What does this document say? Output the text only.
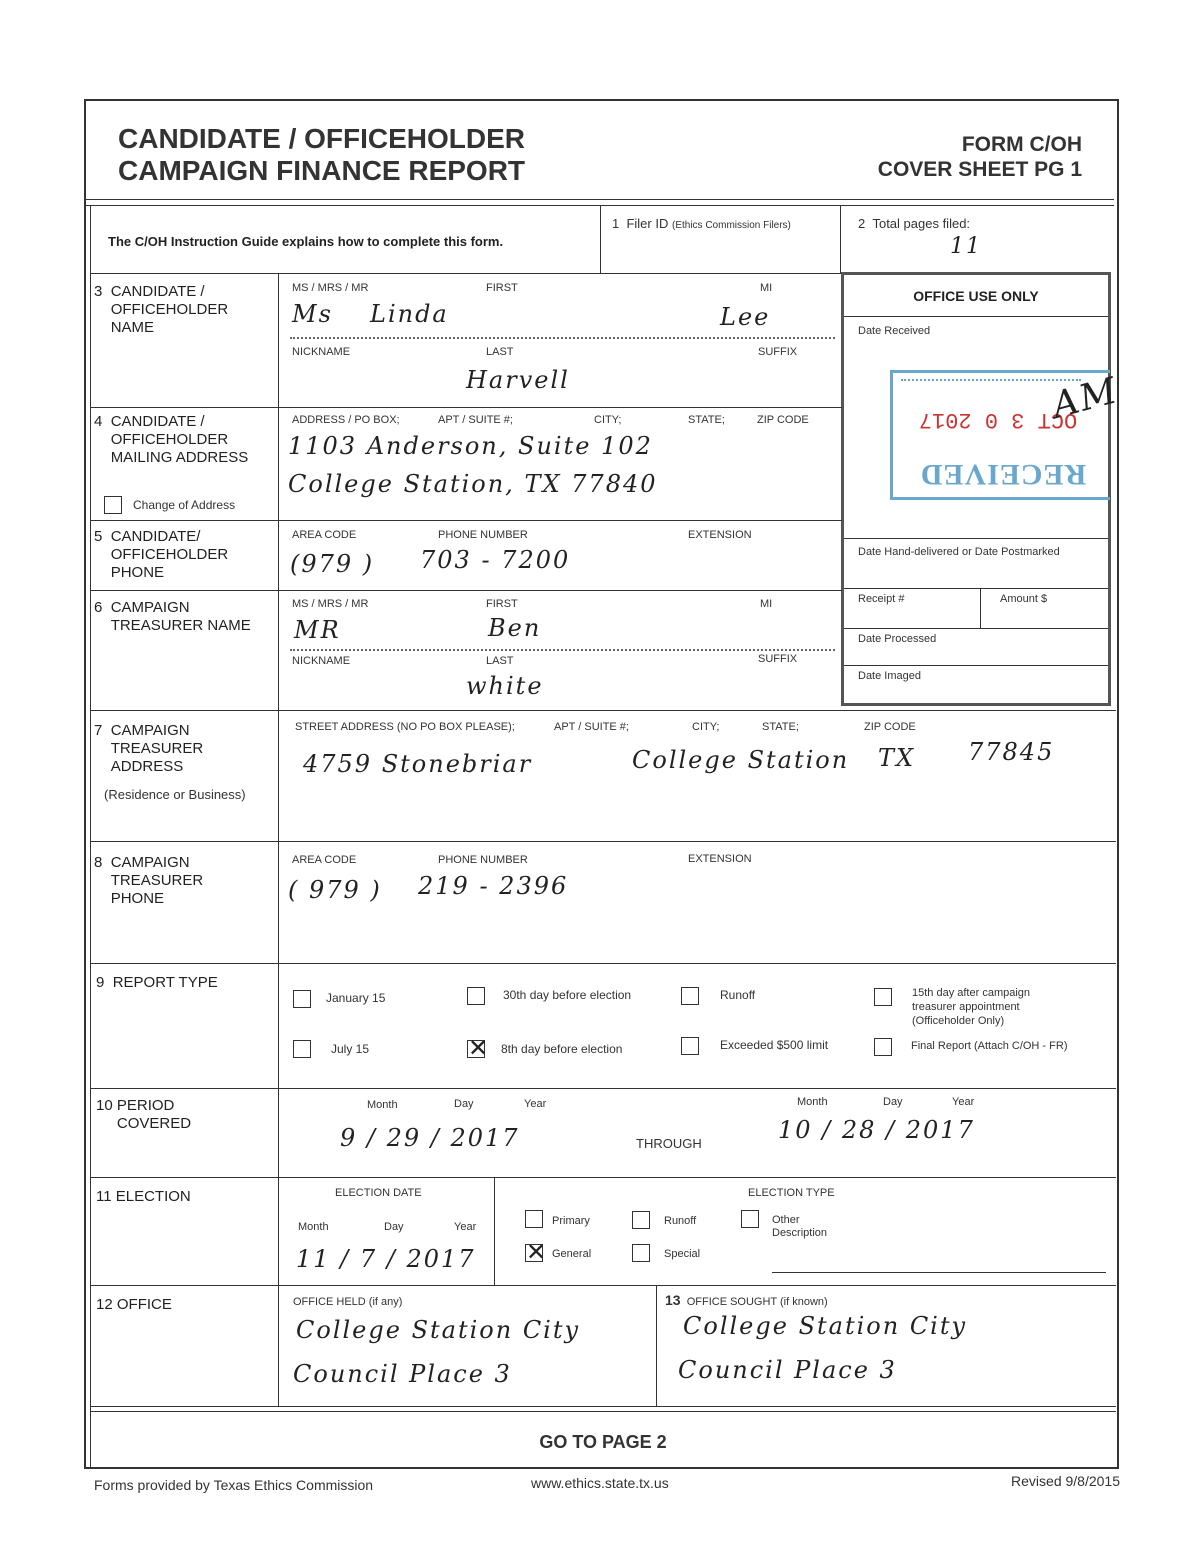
CANDIDATE / OFFICEHOLDER
CAMPAIGN FINANCE REPORT
FORM C/OH
COVER SHEET PG 1
The C/OH Instruction Guide explains how to complete this form.
1 Filer ID (Ethics Commission Filers)	2 Total pages filed:
11
OFFICE USE ONLY
Date Received
OCT 3 0 2017
RECEIVED
AM
Date Hand-delivered or Date Postmarked
Receipt #	Amount $
Date Processed
Date Imaged
3 CANDIDATE / OFFICEHOLDER NAME
MS / MRS / MR	FIRST	MI
Ms Linda	Lee
NICKNAME	LAST	SUFFIX
Harvell
4 CANDIDATE / OFFICEHOLDER MAILING ADDRESS
Change of Address
ADDRESS / PO BOX;	APT / SUITE #;	CITY;	STATE;	ZIP CODE
1103 Anderson, Suite 102
College Station, TX 77840
5 CANDIDATE/ OFFICEHOLDER PHONE
AREA CODE	PHONE NUMBER	EXTENSION
(979 ) 703 - 7200
6 CAMPAIGN TREASURER NAME
MS / MRS / MR	FIRST	MI
MR	Ben
NICKNAME	LAST	SUFFIX
white
7 CAMPAIGN TREASURER ADDRESS
(Residence or Business)
STREET ADDRESS (NO PO BOX PLEASE);	APT / SUITE #;	CITY;	STATE;	ZIP CODE
4759 Stonebriar	College Station TX 77845
8 CAMPAIGN TREASURER PHONE
AREA CODE	PHONE NUMBER	EXTENSION
( 979 ) 219 - 2396
9 REPORT TYPE
January 15	30th day before election	Runoff	15th day after campaign treasurer appointment (Officeholder Only)
July 15	✕ 8th day before election	Exceeded $500 limit	Final Report (Attach C/OH - FR)
10 PERIOD COVERED
Month	Day	Year
9 / 29 / 2017	THROUGH
Month	Day	Year
10 / 28 / 2017
11 ELECTION	ELECTION DATE
Month	Day	Year
11 / 7 / 2017
ELECTION TYPE
Primary	Runoff	Other Description
✕ General	Special
12 OFFICE	OFFICE HELD (if any)
College Station City
Council Place 3
13 OFFICE SOUGHT (if known)
College Station City
Council Place 3
GO TO PAGE 2
Forms provided by Texas Ethics Commission	www.ethics.state.tx.us	Revised 9/8/2015
